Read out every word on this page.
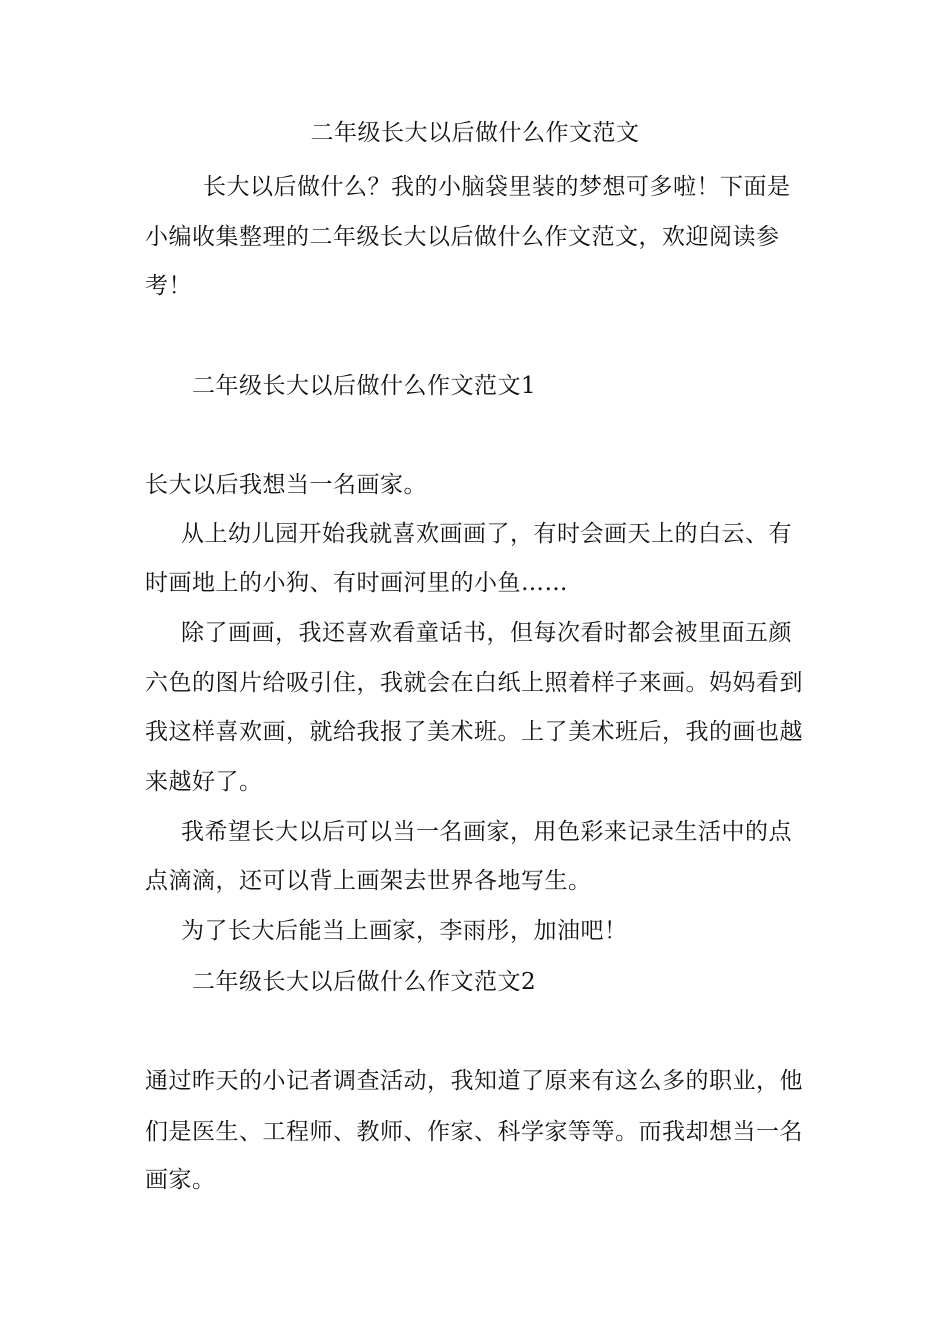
二年级长大以后做什么作文范文
长大以后做什么？我的小脑袋里装的梦想可多啦！下面是
小编收集整理的二年级长大以后做什么作文范文，欢迎阅读参
考！
二年级长大以后做什么作文范文1
长大以后我想当一名画家。
从上幼儿园开始我就喜欢画画了，有时会画天上的白云、有
时画地上的小狗、有时画河里的小鱼……
除了画画，我还喜欢看童话书，但每次看时都会被里面五颜
六色的图片给吸引住，我就会在白纸上照着样子来画。妈妈看到
我这样喜欢画，就给我报了美术班。上了美术班后，我的画也越
来越好了。
我希望长大以后可以当一名画家，用色彩来记录生活中的点
点滴滴，还可以背上画架去世界各地写生。
为了长大后能当上画家，李雨彤，加油吧！
二年级长大以后做什么作文范文2
通过昨天的小记者调查活动，我知道了原来有这么多的职业，他
们是医生、工程师、教师、作家、科学家等等。而我却想当一名
画家。
